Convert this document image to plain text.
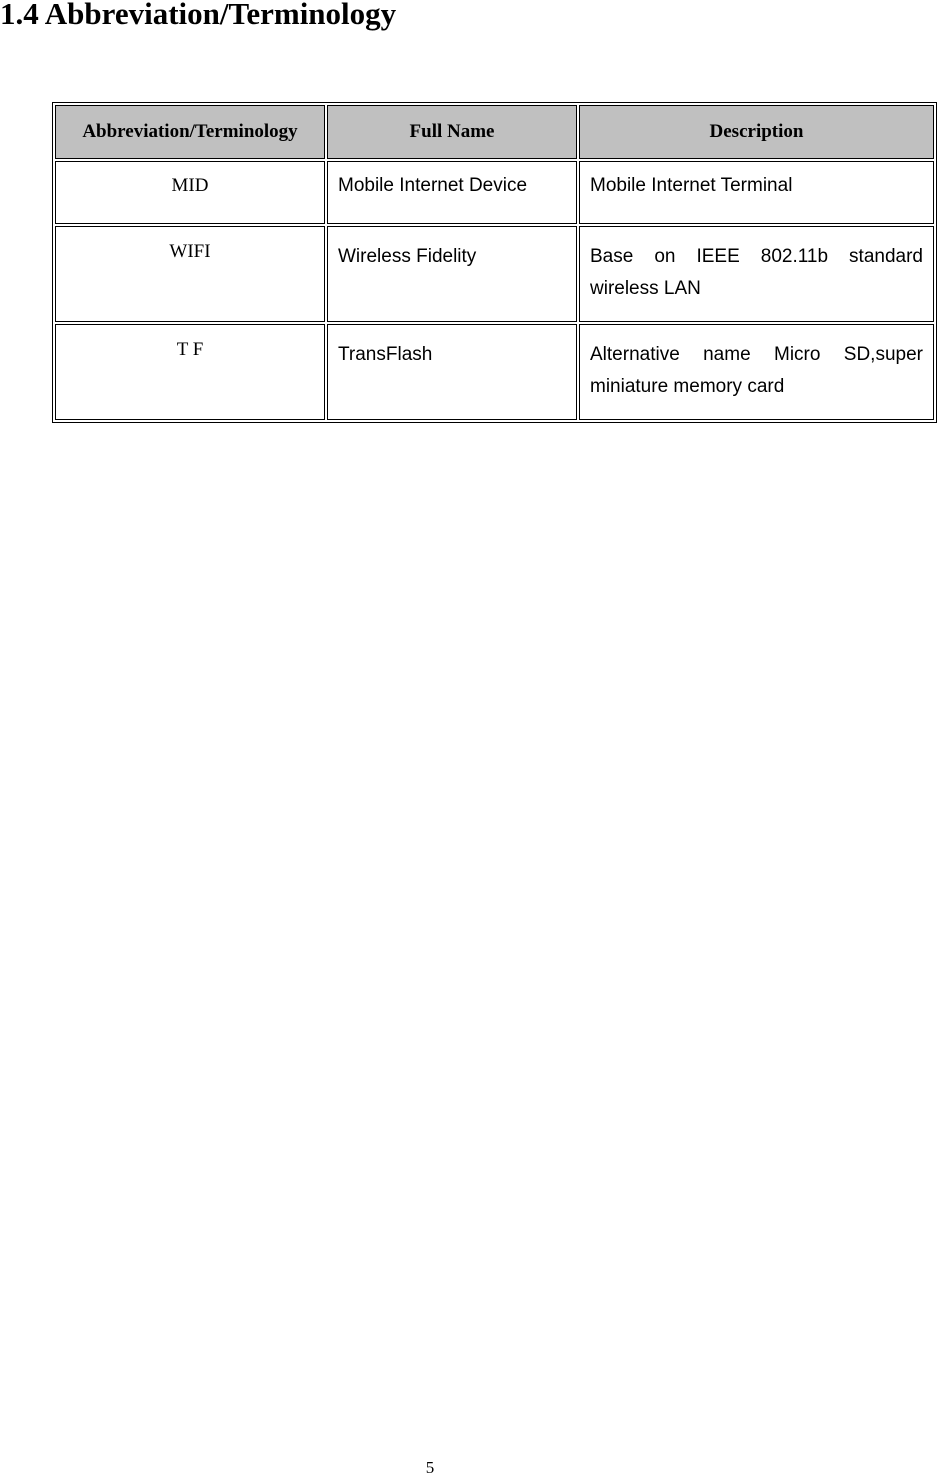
1.4 Abbreviation/Terminology
Abbreviation/Terminology	Full Name	Description
MID	Mobile Internet Device	Mobile Internet Terminal
WIFI	Wireless Fidelity	Base on IEEE 802.11b standard wireless LAN
T F	TransFlash	Alternative name Micro SD,super miniature memory card
5
